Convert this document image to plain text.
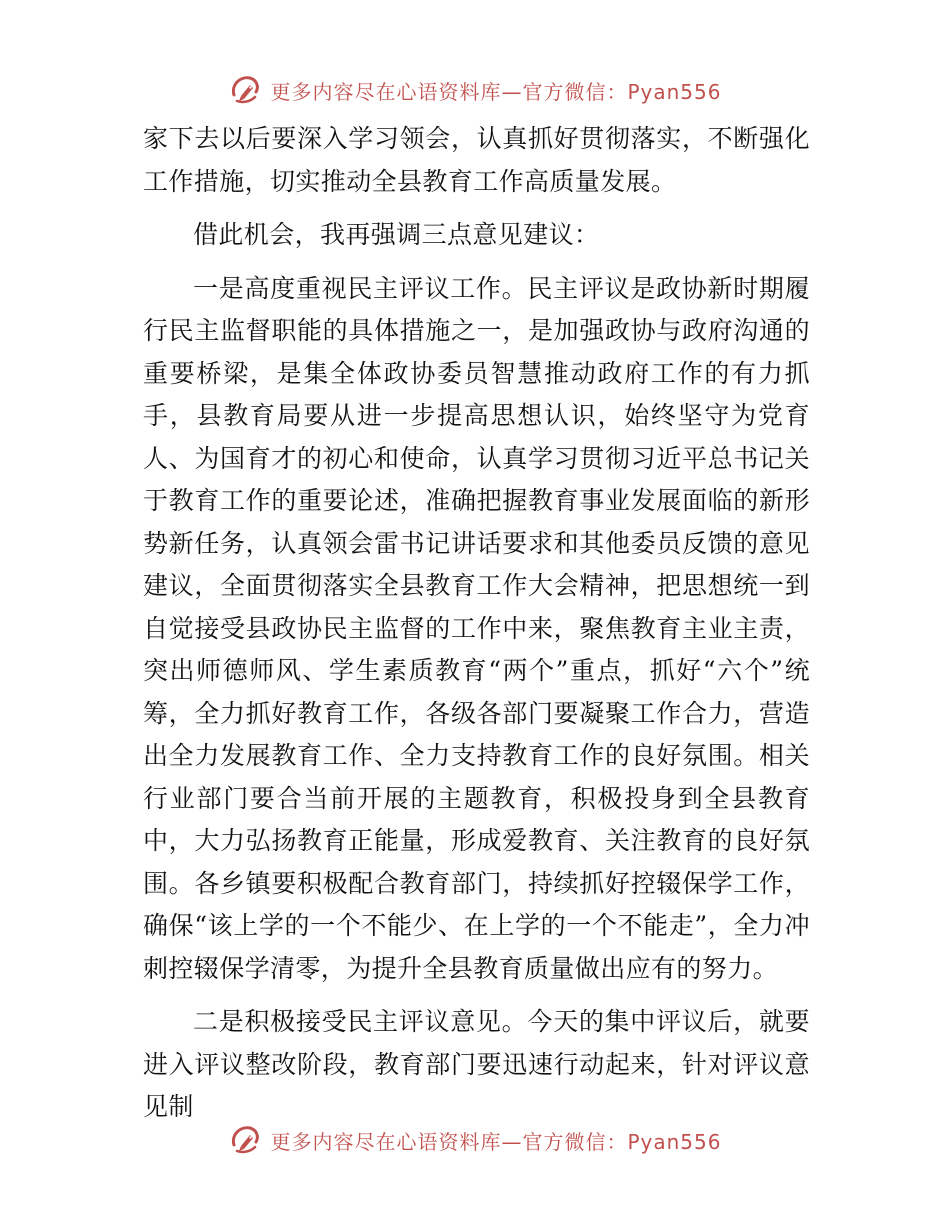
更多内容尽在心语资料库—官方微信：Pyan556

家下去以后要深入学习领会，认真抓好贯彻落实，不断强化工作措施，切实推动全县教育工作高质量发展。

借此机会，我再强调三点意见建议：

一是高度重视民主评议工作。民主评议是政协新时期履行民主监督职能的具体措施之一，是加强政协与政府沟通的重要桥梁，是集全体政协委员智慧推动政府工作的有力抓手，县教育局要从进一步提高思想认识，始终坚守为党育人、为国育才的初心和使命，认真学习贯彻习近平总书记关于教育工作的重要论述，准确把握教育事业发展面临的新形势新任务，认真领会雷书记讲话要求和其他委员反馈的意见建议，全面贯彻落实全县教育工作大会精神，把思想统一到自觉接受县政协民主监督的工作中来，聚焦教育主业主责，突出师德师风、学生素质教育“两个”重点，抓好“六个”统筹，全力抓好教育工作，各级各部门要凝聚工作合力，营造出全力发展教育工作、全力支持教育工作的良好氛围。相关行业部门要合当前开展的主题教育，积极投身到全县教育中，大力弘扬教育正能量，形成爱教育、关注教育的良好氛围。各乡镇要积极配合教育部门，持续抓好控辍保学工作，确保“该上学的一个不能少、在上学的一个不能走”，全力冲刺控辍保学清零，为提升全县教育质量做出应有的努力。

二是积极接受民主评议意见。今天的集中评议后，就要进入评议整改阶段，教育部门要迅速行动起来，针对评议意见制

更多内容尽在心语资料库—官方微信：Pyan556
